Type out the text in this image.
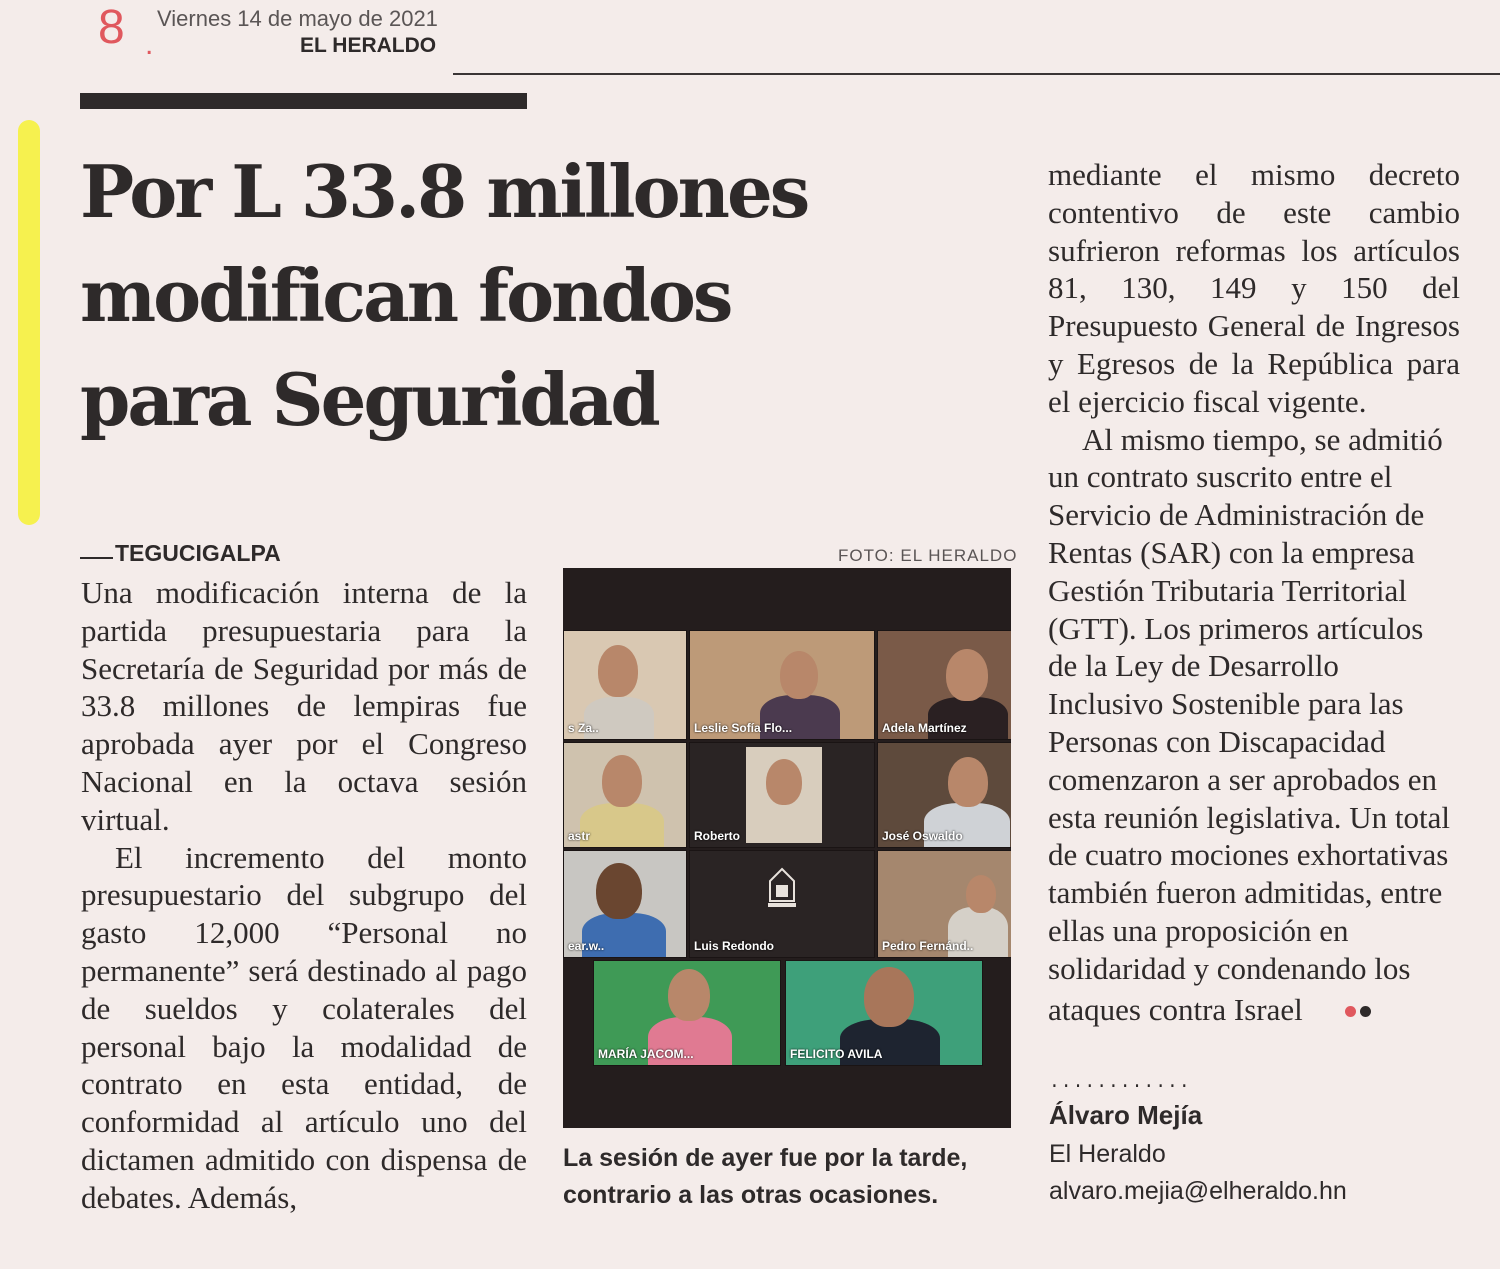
8 .
Viernes 14 de mayo de 2021
EL HERALDO
Por L 33.8 millones
modifican fondos
para Seguridad
TEGUCIGALPA	FOTO: EL HERALDO

Una modificación interna de la partida presupuestaria para la Secretaría de Seguridad por más de 33.8 millones de lempiras fue aprobada ayer por el Congreso Nacional en la octava sesión virtual.

El incremento del monto presupuestario del subgrupo del gasto 12,000 “Personal no permanente” será destinado al pago de sueldos y colaterales del personal bajo la modalidad de contrato en esta entidad, de conformidad al artículo uno del dictamen admitido con dispensa de debates. Además,

mediante el mismo decreto contentivo de este cambio sufrieron reformas los artículos 81, 130, 149 y 150 del Presupuesto General de Ingresos y Egresos de la República para el ejercicio fiscal vigente.

Al mismo tiempo, se admitió un contrato suscrito entre el Servicio de Administración de Rentas (SAR) con la empresa Gestión Tributaria Territorial (GTT). Los primeros artículos de la Ley de Desarrollo Inclusivo Sostenible para las Personas con Discapacidad comenzaron a ser aprobados en esta reunión legislativa. Un total de cuatro mociones exhortativas también fueron admitidas, entre ellas una proposición en solidaridad y condenando los ataques contra Israel

s Za..	Leslie Sofía Flo...	Adela Martínez
astr	Roberto	José Oswaldo
ear.w..	Luis Redondo	Pedro Fernánd..
MARÍA JACOM...	FELICITO AVILA
La sesión de ayer fue por la tarde, contrario a las otras ocasiones.
............
Álvaro Mejía
El Heraldo
alvaro.mejia@elheraldo.hn
